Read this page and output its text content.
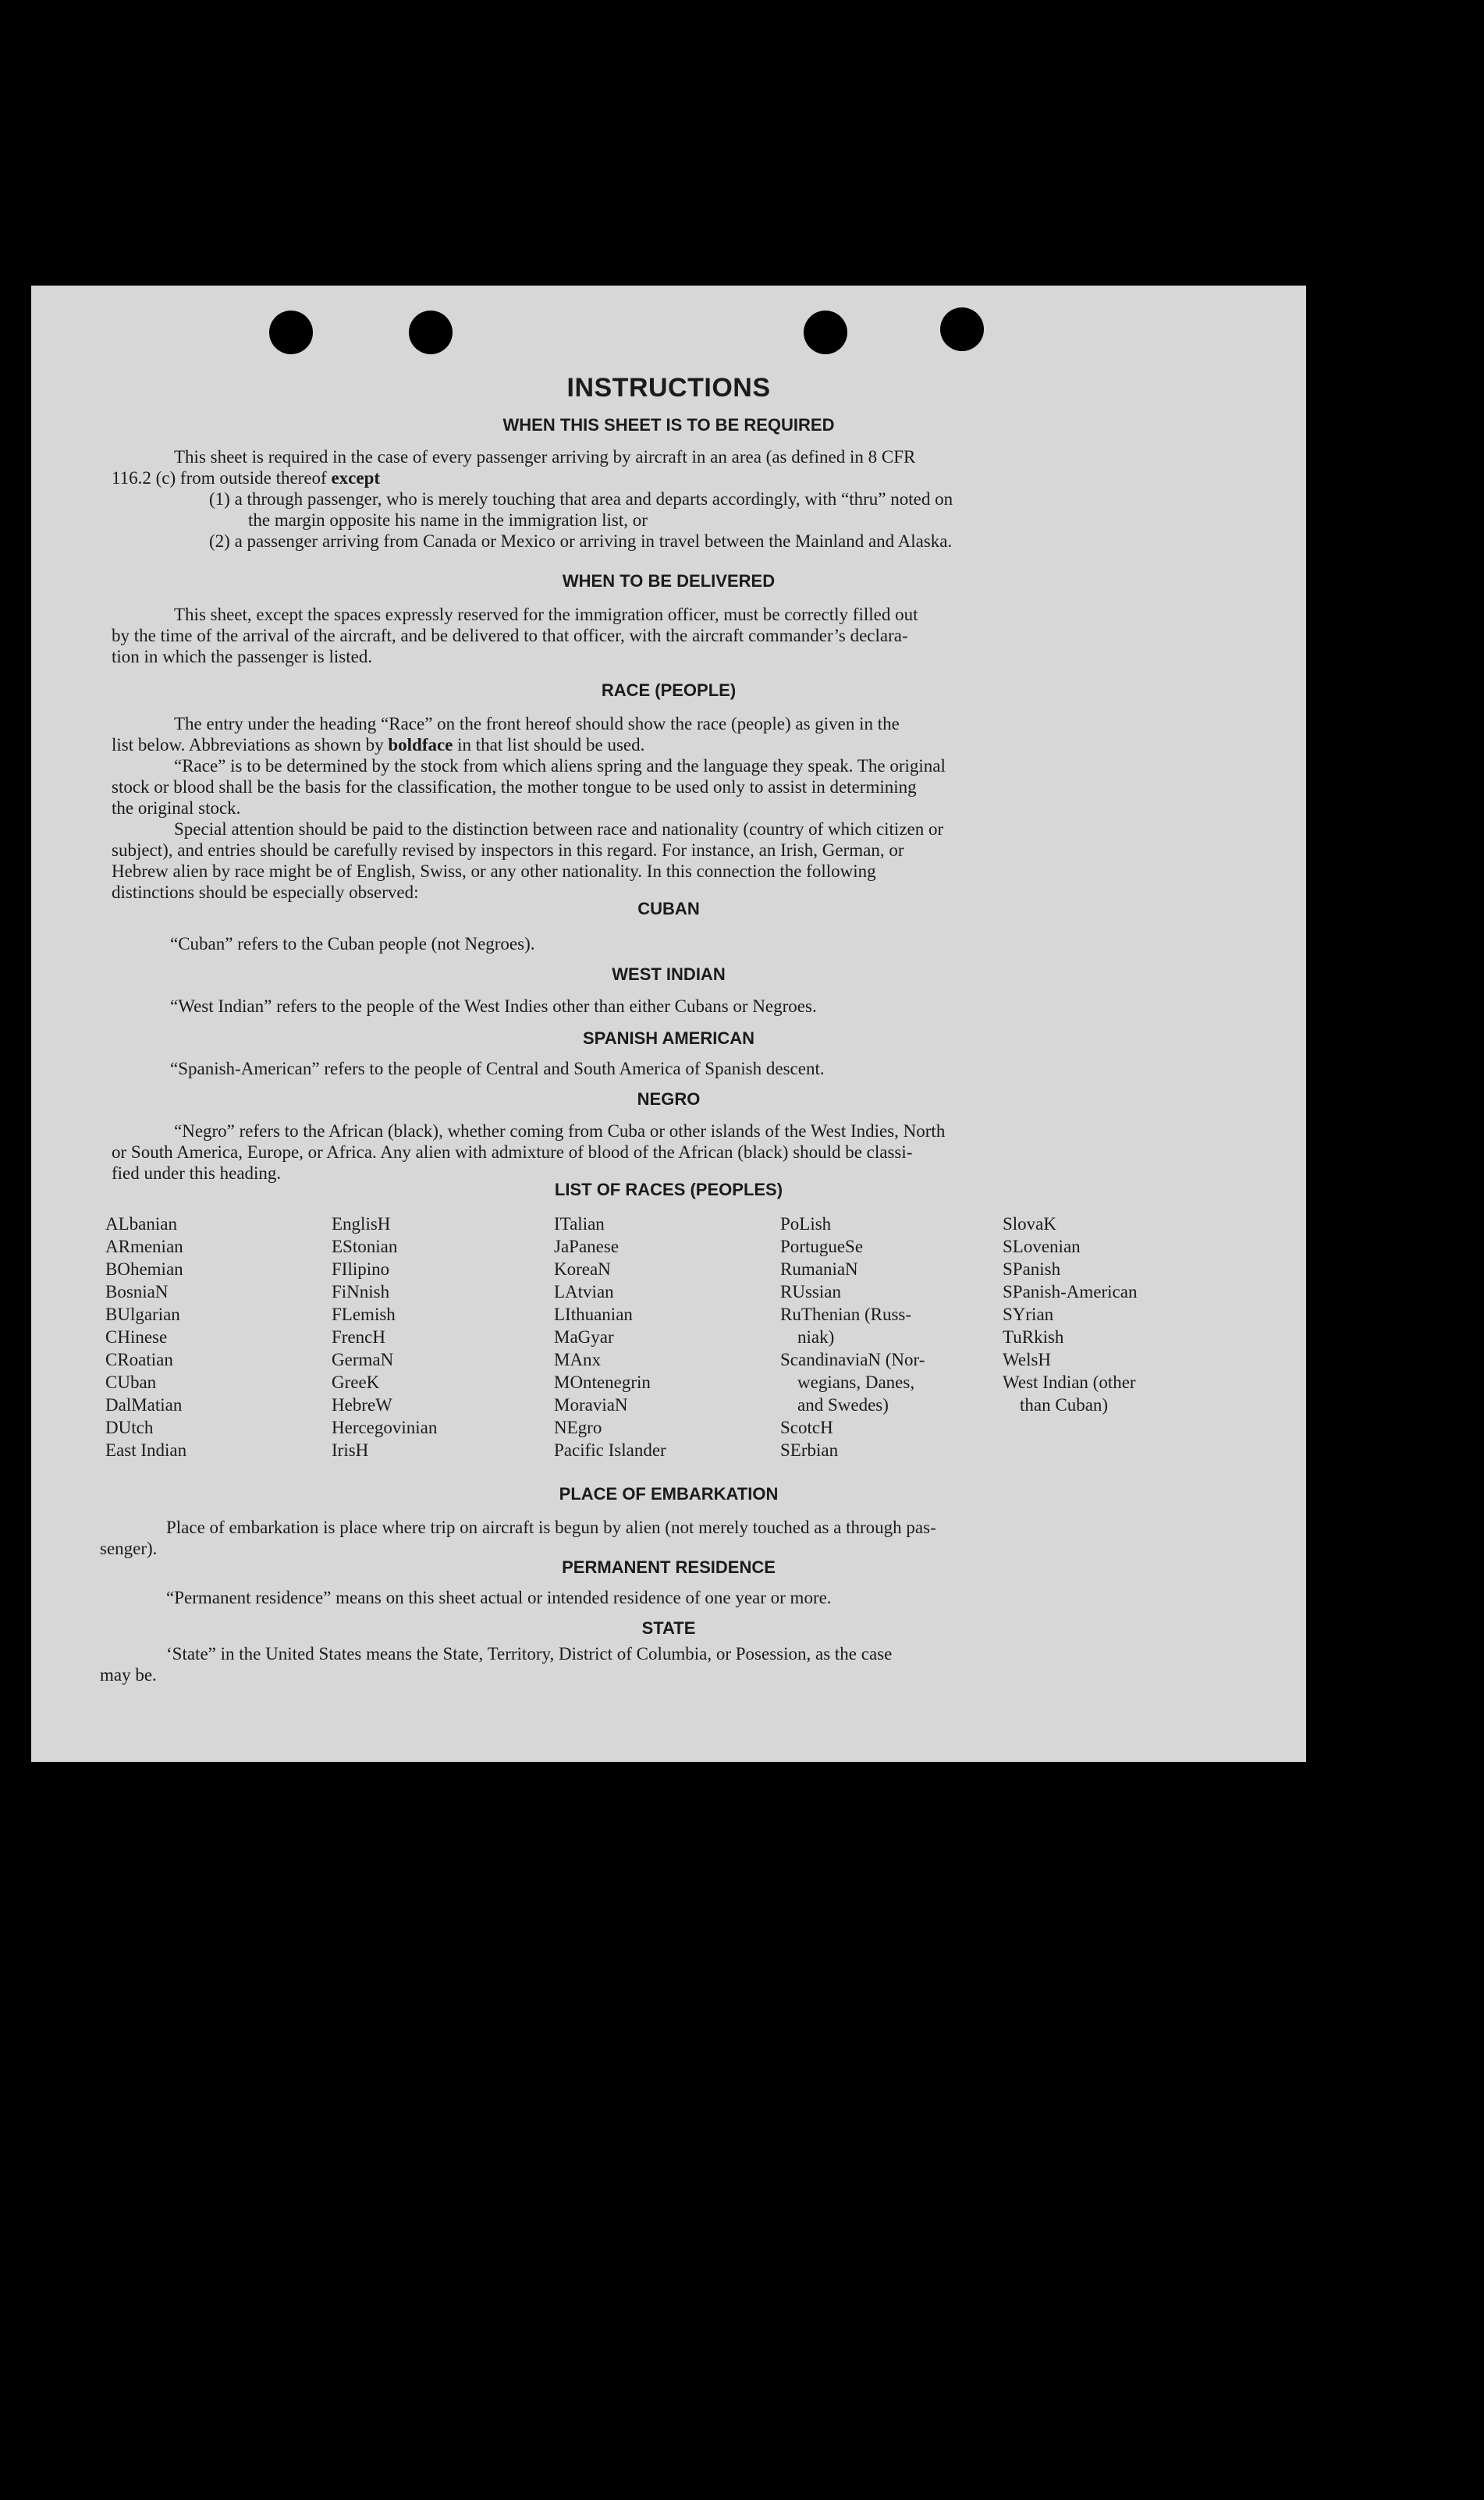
INSTRUCTIONS
WHEN THIS SHEET IS TO BE REQUIRED
This sheet is required in the case of every passenger arriving by aircraft in an area (as defined in 8 CFR
116.2 (c) from outside thereof except
(1) a through passenger, who is merely touching that area and departs accordingly, with “thru” noted on
the margin opposite his name in the immigration list, or
(2) a passenger arriving from Canada or Mexico or arriving in travel between the Mainland and Alaska.
WHEN TO BE DELIVERED
This sheet, except the spaces expressly reserved for the immigration officer, must be correctly filled out
by the time of the arrival of the aircraft, and be delivered to that officer, with the aircraft commander’s declara-
tion in which the passenger is listed.
RACE (PEOPLE)
The entry under the heading “Race” on the front hereof should show the race (people) as given in the
list below. Abbreviations as shown by boldface in that list should be used.
“Race” is to be determined by the stock from which aliens spring and the language they speak. The original
stock or blood shall be the basis for the classification, the mother tongue to be used only to assist in determining
the original stock.
Special attention should be paid to the distinction between race and nationality (country of which citizen or
subject), and entries should be carefully revised by inspectors in this regard. For instance, an Irish, German, or
Hebrew alien by race might be of English, Swiss, or any other nationality. In this connection the following
distinctions should be especially observed:
CUBAN
“Cuban” refers to the Cuban people (not Negroes).
WEST INDIAN
“West Indian” refers to the people of the West Indies other than either Cubans or Negroes.
SPANISH AMERICAN
“Spanish-American” refers to the people of Central and South America of Spanish descent.
NEGRO
“Negro” refers to the African (black), whether coming from Cuba or other islands of the West Indies, North
or South America, Europe, or Africa. Any alien with admixture of blood of the African (black) should be classi-
fied under this heading.
LIST OF RACES (PEOPLES)
ALbanian
ARmenian
BOhemian
BosniaN
BUlgarian
CHinese
CRoatian
CUban
DalMatian
DUtch
East Indian
EnglisH
EStonian
FIlipino
FiNnish
FLemish
FrencH
GermaN
GreeK
HebreW
Hercegovinian
IrisH
ITalian
JaPanese
KoreaN
LAtvian
LIthuanian
MaGyar
MAnx
MOntenegrin
MoraviaN
NEgro
Pacific Islander
PoLish
PortugueSe
RumaniaN
RUssian
RuThenian (Russ-
niak)
ScandinaviaN (Nor-
wegians, Danes,
and Swedes)
ScotcH
SErbian
SlovaK
SLovenian
SPanish
SPanish-American
SYrian
TuRkish
WelsH
West Indian (other
than Cuban)
PLACE OF EMBARKATION
Place of embarkation is place where trip on aircraft is begun by alien (not merely touched as a through pas-
senger).
PERMANENT RESIDENCE
“Permanent residence” means on this sheet actual or intended residence of one year or more.
STATE
‘State” in the United States means the State, Territory, District of Columbia, or Posession, as the case
may be.
